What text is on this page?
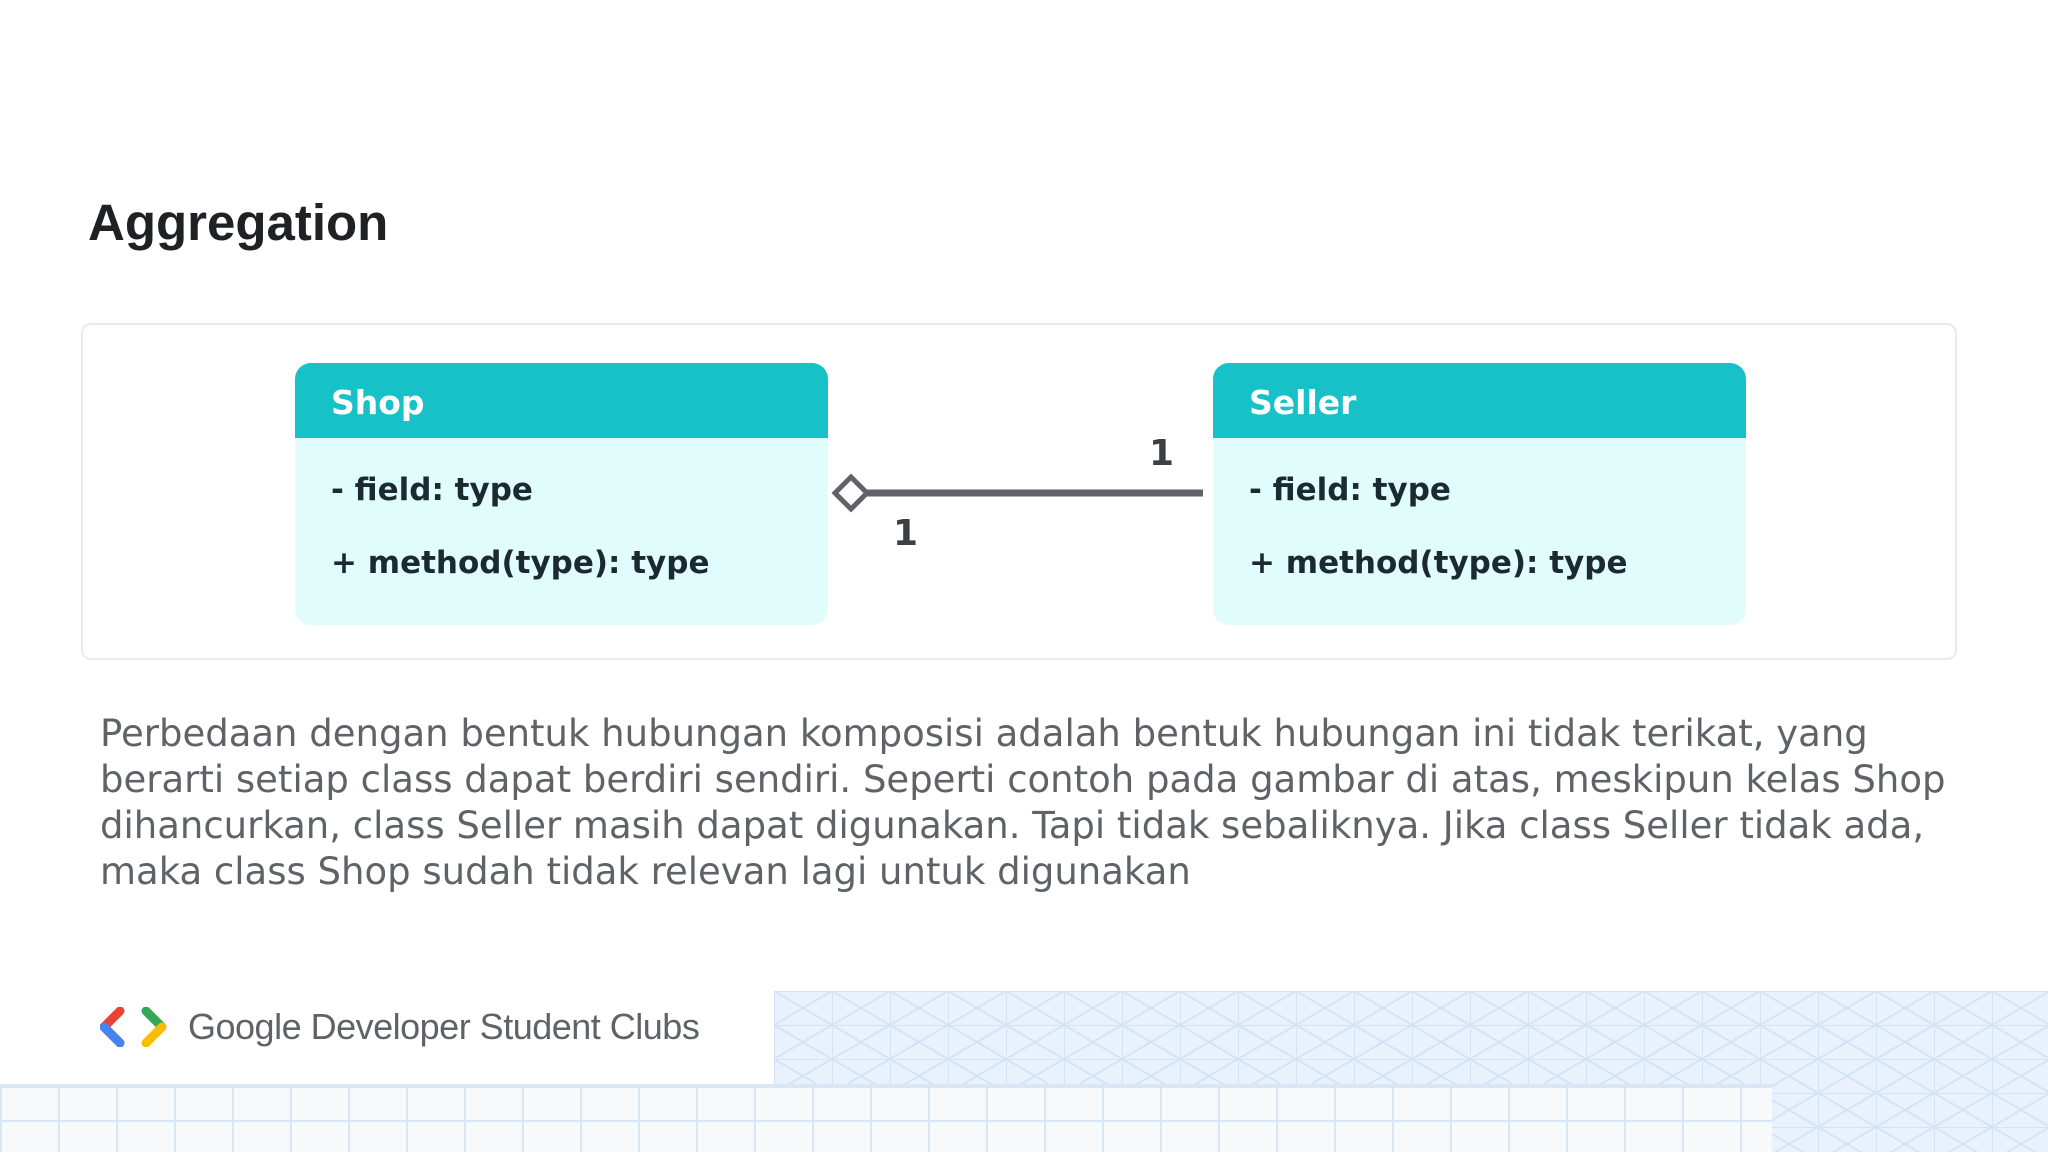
Aggregation
Shop
- field: type
+ method(type): type
1
1
Seller
- field: type
+ method(type): type

Perbedaan dengan bentuk hubungan komposisi adalah bentuk hubungan ini tidak terikat, yang berarti setiap class dapat berdiri sendiri. Seperti contoh pada gambar di atas, meskipun kelas Shop dihancurkan, class Seller masih dapat digunakan. Tapi tidak sebaliknya. Jika class Seller tidak ada, maka class Shop sudah tidak relevan lagi untuk digunakan

Google Developer Student Clubs
